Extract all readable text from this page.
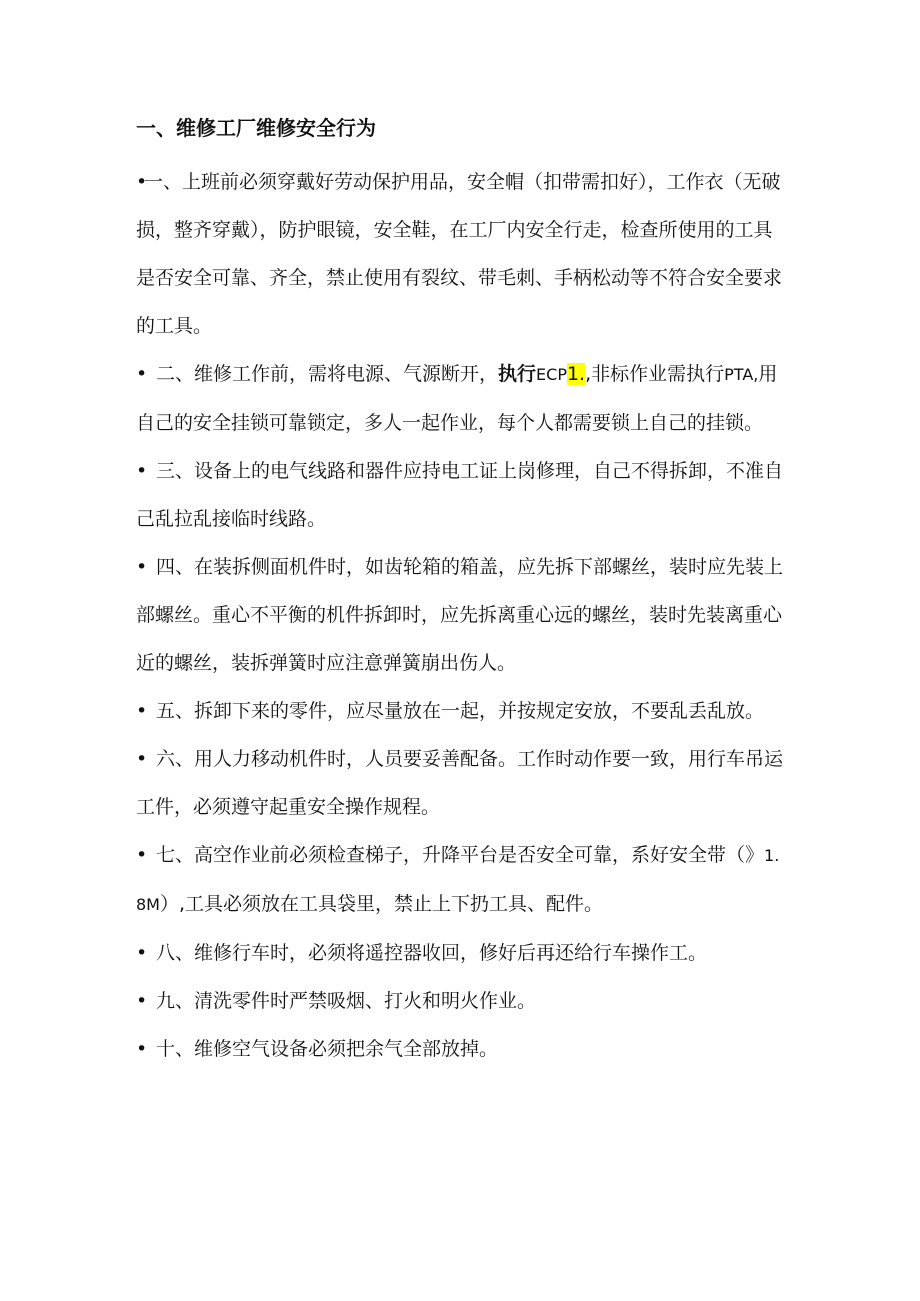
一、维修工厂维修安全行为

•一、上班前必须穿戴好劳动保护用品，安全帽（扣带需扣好），工作衣（无破损，整齐穿戴），防护眼镜，安全鞋，在工厂内安全行走，检查所使用的工具是否安全可靠、齐全，禁止使用有裂纹、带毛刺、手柄松动等不符合安全要求的工具。

• 二、维修工作前，需将电源、气源断开，执行ECP1.,非标作业需执行PTA,用自己的安全挂锁可靠锁定，多人一起作业，每个人都需要锁上自己的挂锁。

• 三、设备上的电气线路和器件应持电工证上岗修理，自己不得拆卸，不准自己乱拉乱接临时线路。

• 四、在装拆侧面机件时，如齿轮箱的箱盖，应先拆下部螺丝，装时应先装上部螺丝。重心不平衡的机件拆卸时，应先拆离重心远的螺丝，装时先装离重心近的螺丝，装拆弹簧时应注意弹簧崩出伤人。

• 五、拆卸下来的零件，应尽量放在一起，并按规定安放，不要乱丢乱放。

• 六、用人力移动机件时，人员要妥善配备。工作时动作要一致，用行车吊运工件，必须遵守起重安全操作规程。

• 七、高空作业前必须检查梯子，升降平台是否安全可靠，系好安全带（》1.8M）,工具必须放在工具袋里，禁止上下扔工具、配件。

• 八、维修行车时，必须将遥控器收回，修好后再还给行车操作工。

• 九、清洗零件时严禁吸烟、打火和明火作业。

• 十、维修空气设备必须把余气全部放掉。
